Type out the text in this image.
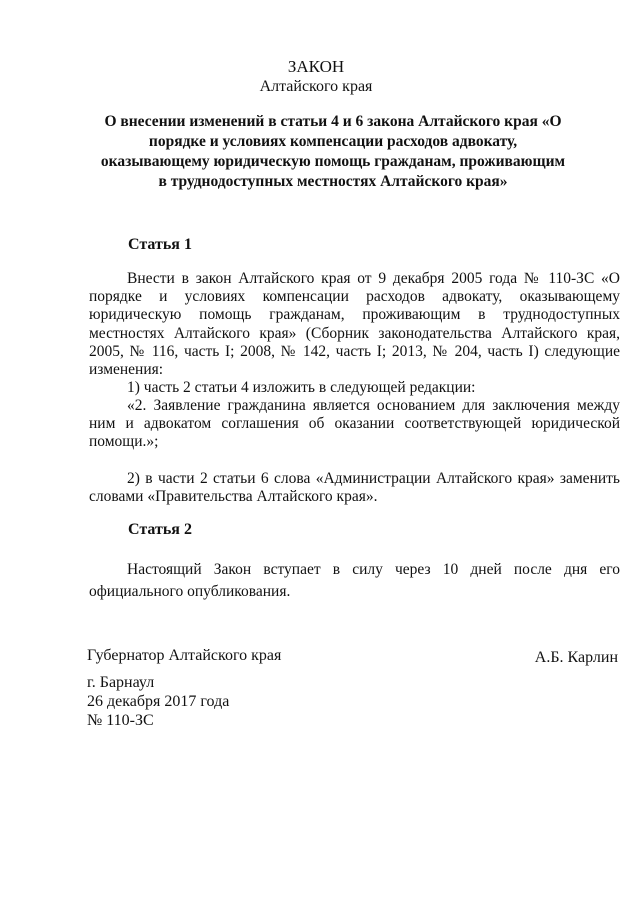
ЗАКОН
Алтайского края
О внесении изменений в статьи 4 и 6 закона Алтайского края «О порядке и условиях компенсации расходов адвокату, оказывающему юридическую помощь гражданам, проживающим в труднодоступных местностях Алтайского края»
Статья 1

Внести в закон Алтайского края от 9 декабря 2005 года № 110-ЗС «О порядке и условиях компенсации расходов адвокату, оказывающему юридическую помощь гражданам, проживающим в труднодоступных местностях Алтайского края» (Сборник законодательства Алтайского края, 2005, № 116, часть I; 2008, № 142, часть I; 2013, № 204, часть I) следующие изменения:

1) часть 2 статьи 4 изложить в следующей редакции:

«2. Заявление гражданина является основанием для заключения между ним и адвокатом соглашения об оказании соответствующей юридической помощи.»;

2) в части 2 статьи 6 слова «Администрации Алтайского края» заменить словами «Правительства Алтайского края».

Статья 2

Настоящий Закон вступает в силу через 10 дней после дня его официального опубликования.

Губернатор Алтайского края	А.Б. Карлин
г. Барнаул
26 декабря 2017 года
№ 110-ЗС
